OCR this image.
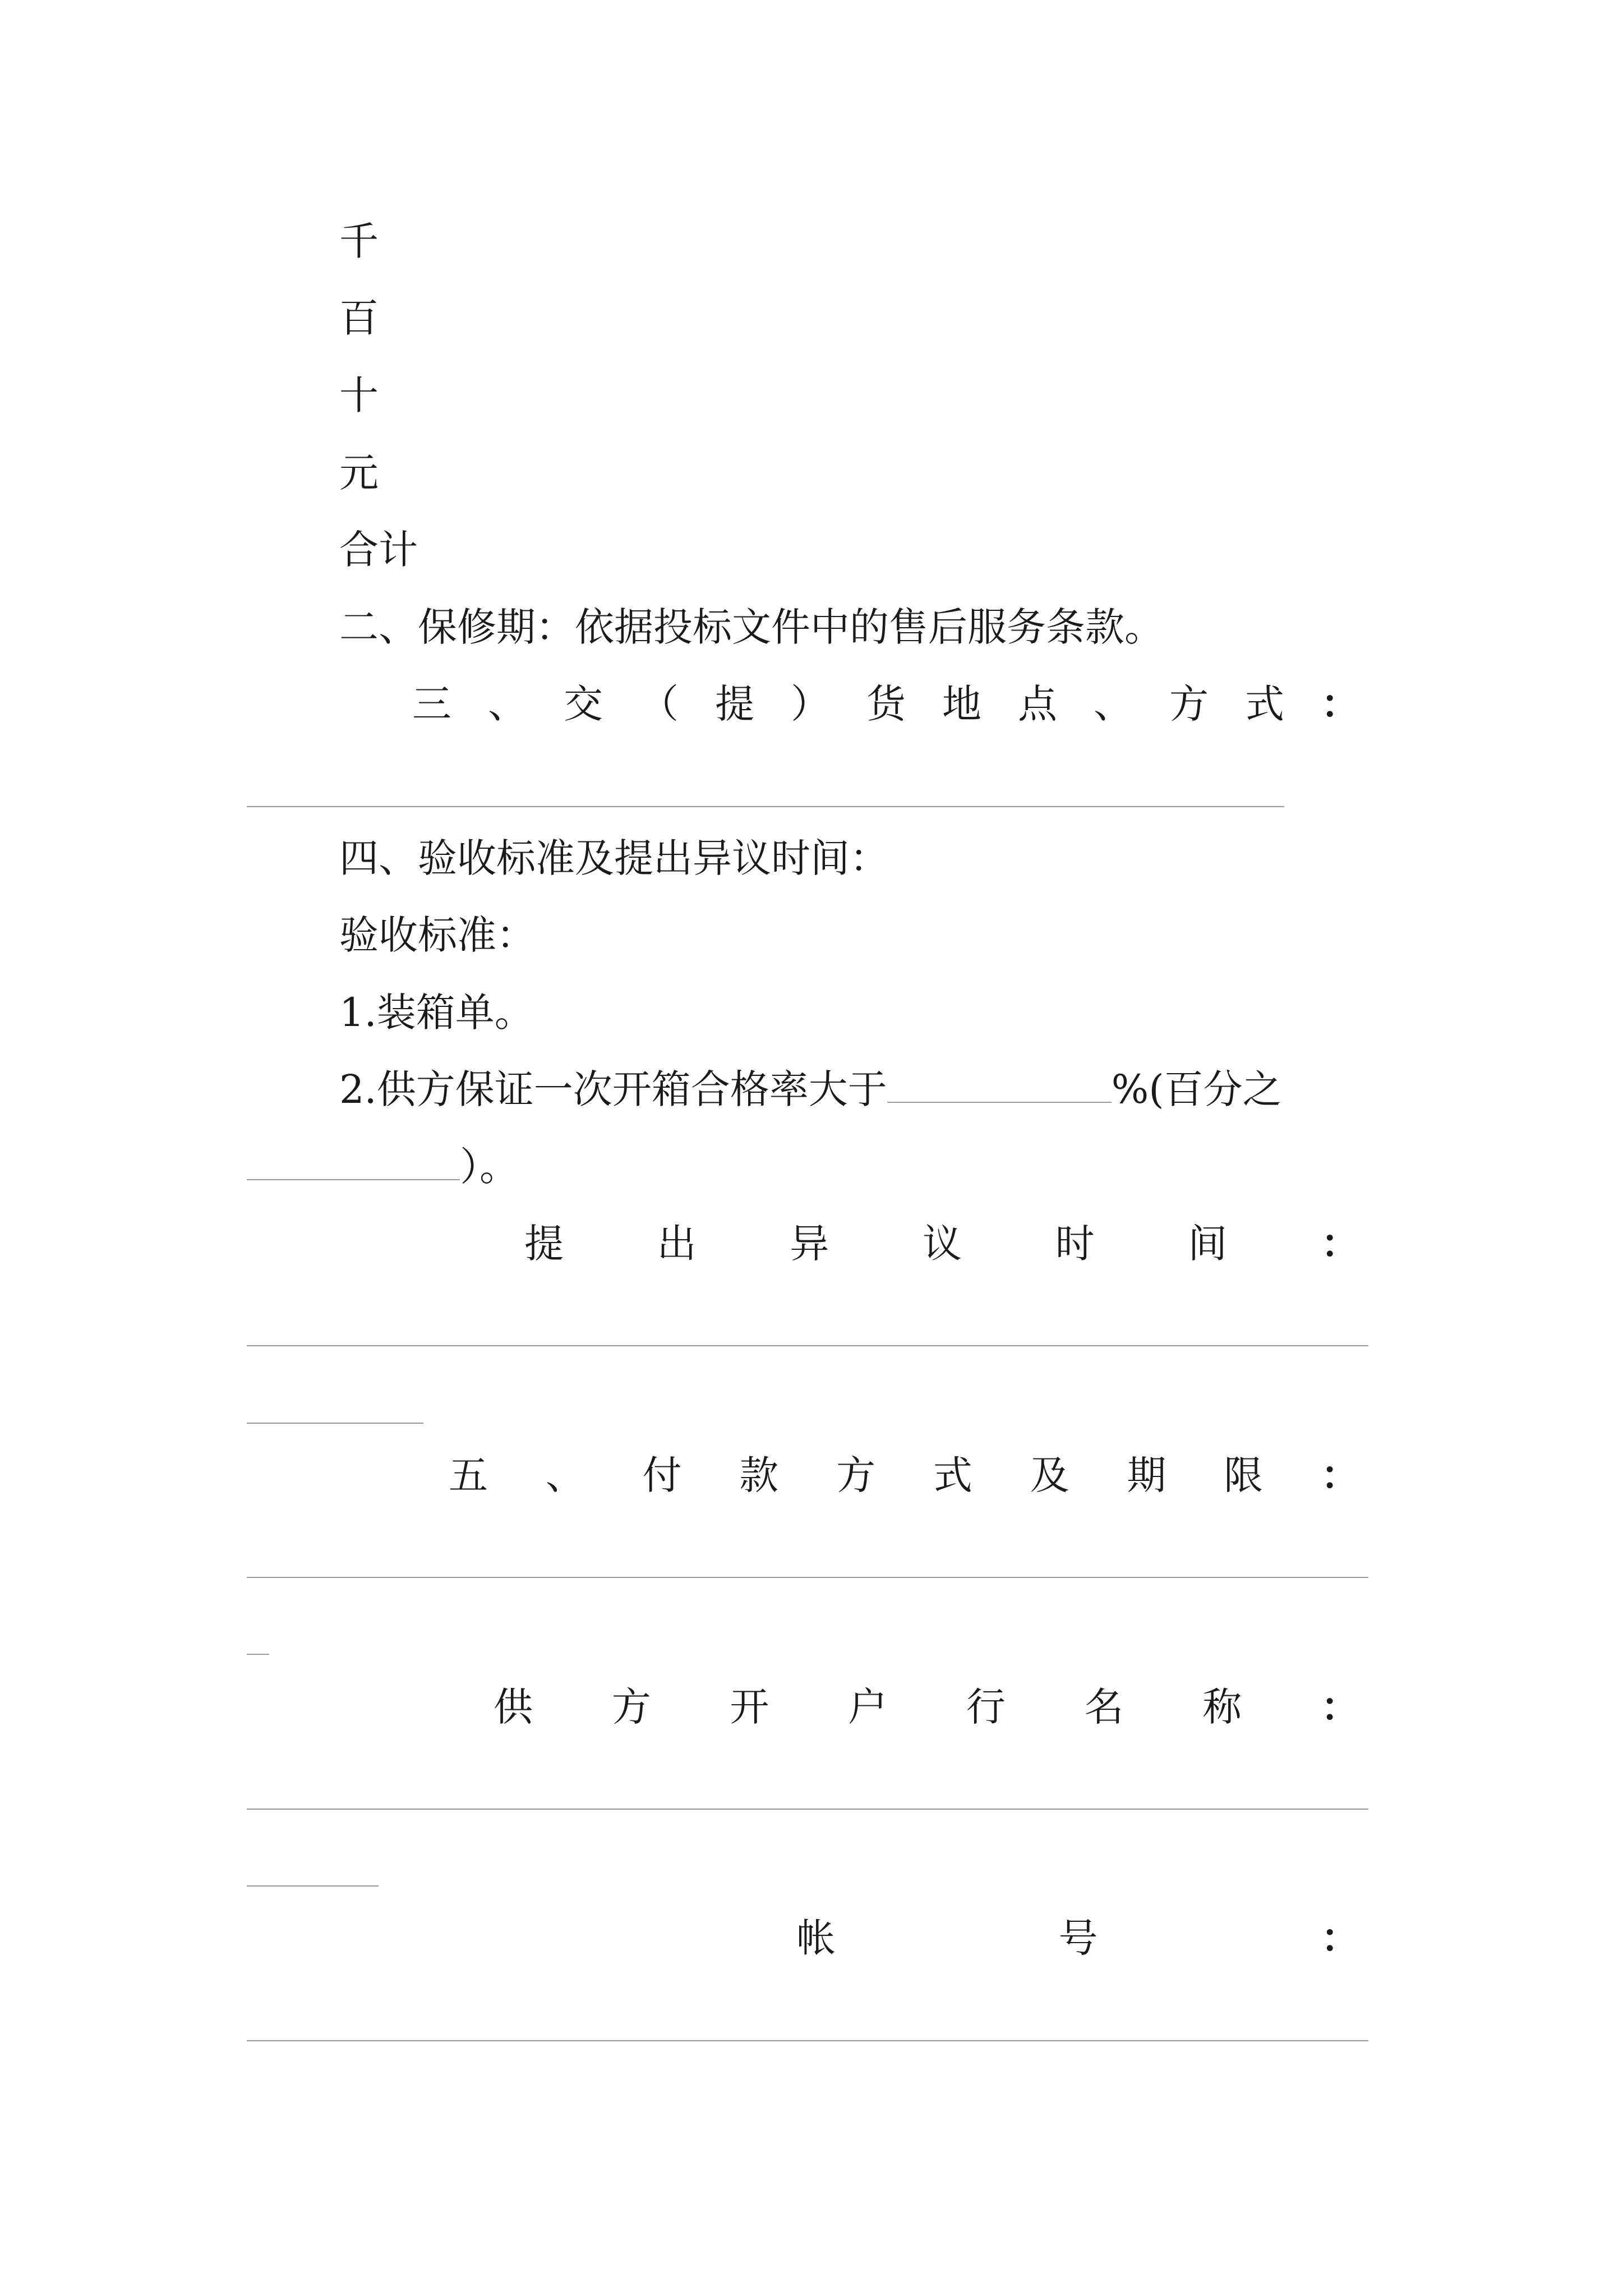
千
百
十
元
合计
二、保修期：依据投标文件中的售后服务条款。
三 、 交 （ 提 ） 货 地 点 、 方 式 ：
四、验收标准及提出异议时间：
验收标准：
1.装箱单。
2.供方保证一次开箱合格率大于	%(百分之
）。
提 出 异 议 时 间 ：
五 、 付 款 方 式 及 期 限 ：
供 方 开 户 行 名 称 ：
帐	号	：
